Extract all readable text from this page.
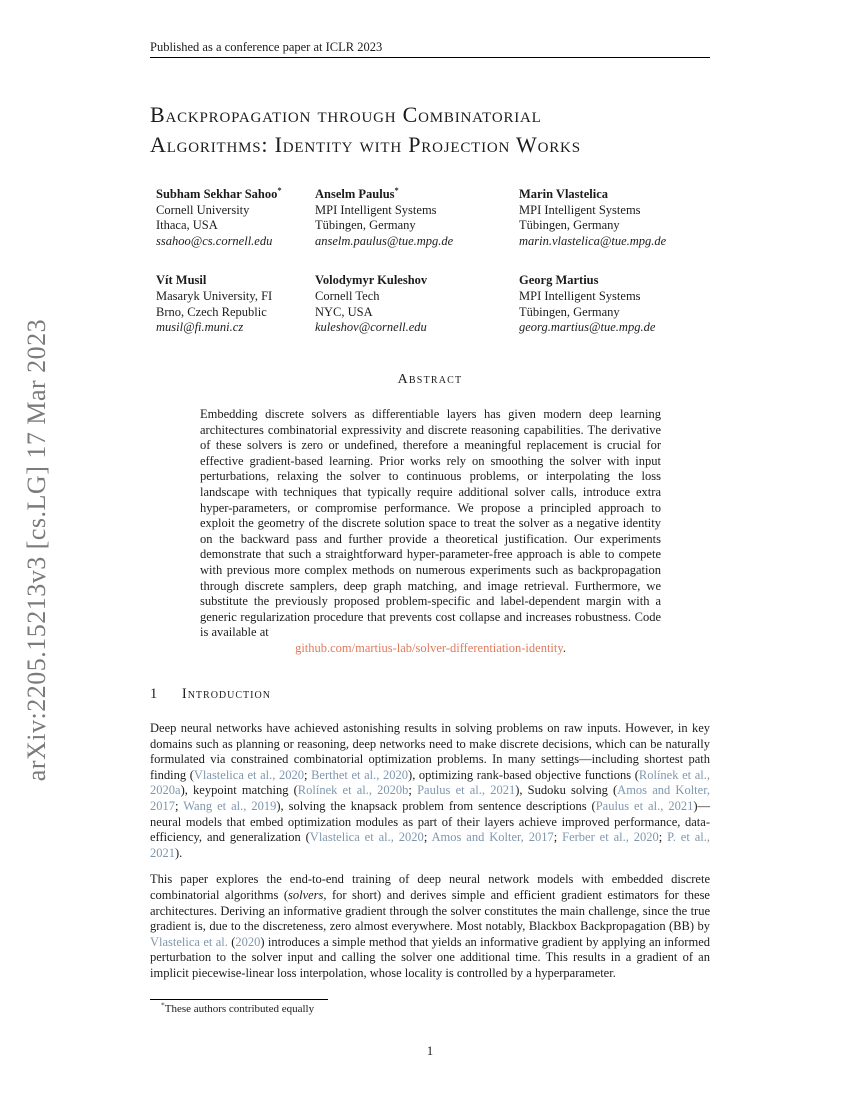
arXiv:2205.15213v3 [cs.LG] 17 Mar 2023
Published as a conference paper at ICLR 2023
Backpropagation through Combinatorial
Algorithms: Identity with Projection Works
Subham Sekhar Sahoo*
Cornell University
Ithaca, USA
ssahoo@cs.cornell.edu
Anselm Paulus*
MPI Intelligent Systems
Tübingen, Germany
anselm.paulus@tue.mpg.de
Marin Vlastelica
MPI Intelligent Systems
Tübingen, Germany
marin.vlastelica@tue.mpg.de
Vít Musil
Masaryk University, FI
Brno, Czech Republic
musil@fi.muni.cz
Volodymyr Kuleshov
Cornell Tech
NYC, USA
kuleshov@cornell.edu
Georg Martius
MPI Intelligent Systems
Tübingen, Germany
georg.martius@tue.mpg.de
Abstract

Embedding discrete solvers as differentiable layers has given modern deep learning architectures combinatorial expressivity and discrete reasoning capabilities. The derivative of these solvers is zero or undefined, therefore a meaningful replacement is crucial for effective gradient-based learning. Prior works rely on smoothing the solver with input perturbations, relaxing the solver to continuous problems, or interpolating the loss landscape with techniques that typically require additional solver calls, introduce extra hyper-parameters, or compromise performance. We propose a principled approach to exploit the geometry of the discrete solution space to treat the solver as a negative identity on the backward pass and further provide a theoretical justification. Our experiments demonstrate that such a straightforward hyper-parameter-free approach is able to compete with previous more complex methods on numerous experiments such as backpropagation through discrete samplers, deep graph matching, and image retrieval. Furthermore, we substitute the previously proposed problem-specific and label-dependent margin with a generic regularization procedure that prevents cost collapse and increases robustness. Code is available at

github.com/martius-lab/solver-differentiation-identity.
1 Introduction

Deep neural networks have achieved astonishing results in solving problems on raw inputs. However, in key domains such as planning or reasoning, deep networks need to make discrete decisions, which can be naturally formulated via constrained combinatorial optimization problems. In many settings—including shortest path finding (Vlastelica et al., 2020; Berthet et al., 2020), optimizing rank-based objective functions (Rolínek et al., 2020a), keypoint matching (Rolínek et al., 2020b; Paulus et al., 2021), Sudoku solving (Amos and Kolter, 2017; Wang et al., 2019), solving the knapsack problem from sentence descriptions (Paulus et al., 2021)—neural models that embed optimization modules as part of their layers achieve improved performance, data-efficiency, and generalization (Vlastelica et al., 2020; Amos and Kolter, 2017; Ferber et al., 2020; P. et al., 2021).

This paper explores the end-to-end training of deep neural network models with embedded discrete combinatorial algorithms (solvers, for short) and derives simple and efficient gradient estimators for these architectures. Deriving an informative gradient through the solver constitutes the main challenge, since the true gradient is, due to the discreteness, zero almost everywhere. Most notably, Blackbox Backpropagation (BB) by Vlastelica et al. (2020) introduces a simple method that yields an informative gradient by applying an informed perturbation to the solver input and calling the solver one additional time. This results in a gradient of an implicit piecewise-linear loss interpolation, whose locality is controlled by a hyperparameter.

*These authors contributed equally
1
